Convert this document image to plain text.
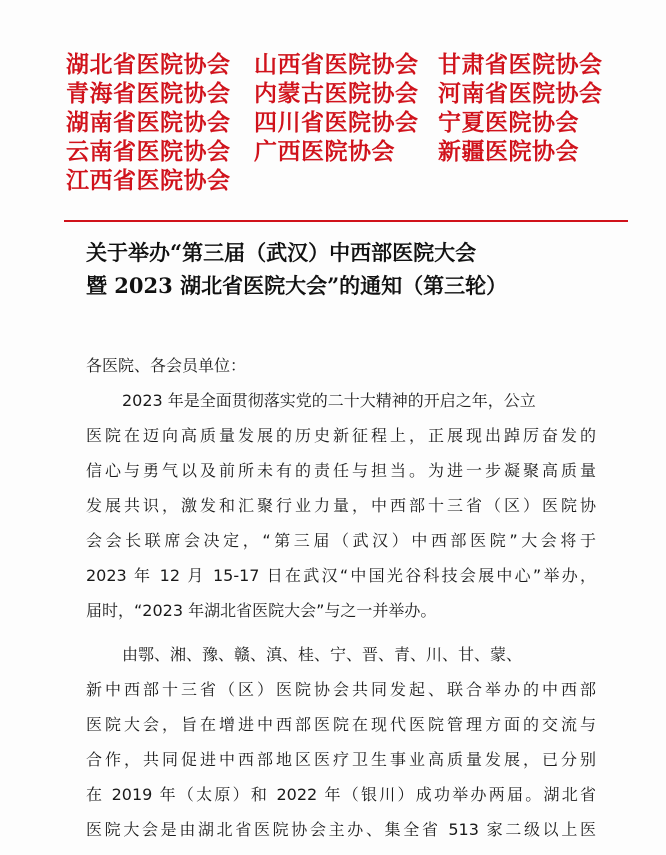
湖北省医院协会	山西省医院协会 甘肃省医院协会
青海省医院协会	内蒙古医院协会 河南省医院协会
湖南省医院协会	四川省医院协会 宁夏医院协会
云南省医院协会	广西医院协会	新疆医院协会
江西省医院协会
关于举办“第三届（武汉）中西部医院大会
暨 2023 湖北省医院大会”的通知（第三轮）
各医院、各会员单位：
2023 年是全面贯彻落实党的二十大精神的开启之年，公立
医院在迈向高质量发展的历史新征程上，正展现出踔厉奋发的
信心与勇气以及前所未有的责任与担当。为进一步凝聚高质量
发展共识，激发和汇聚行业力量，中西部十三省（区）医院协
会会长联席会决定，“第三届（武汉）中西部医院”大会将于
2023 年 12 月 15-17 日在武汉“中国光谷科技会展中心”举办，
届时，“2023 年湖北省医院大会”与之一并举办。
由鄂、湘、豫、赣、滇、桂、宁、晋、青、川、甘、蒙、
新中西部十三省（区）医院协会共同发起、联合举办的中西部
医院大会，旨在增进中西部医院在现代医院管理方面的交流与
合作，共同促进中西部地区医疗卫生事业高质量发展，已分别
在 2019 年（太原）和 2022 年（银川）成功举办两届。湖北省
医院大会是由湖北省医院协会主办、集全省 513 家二级以上医
